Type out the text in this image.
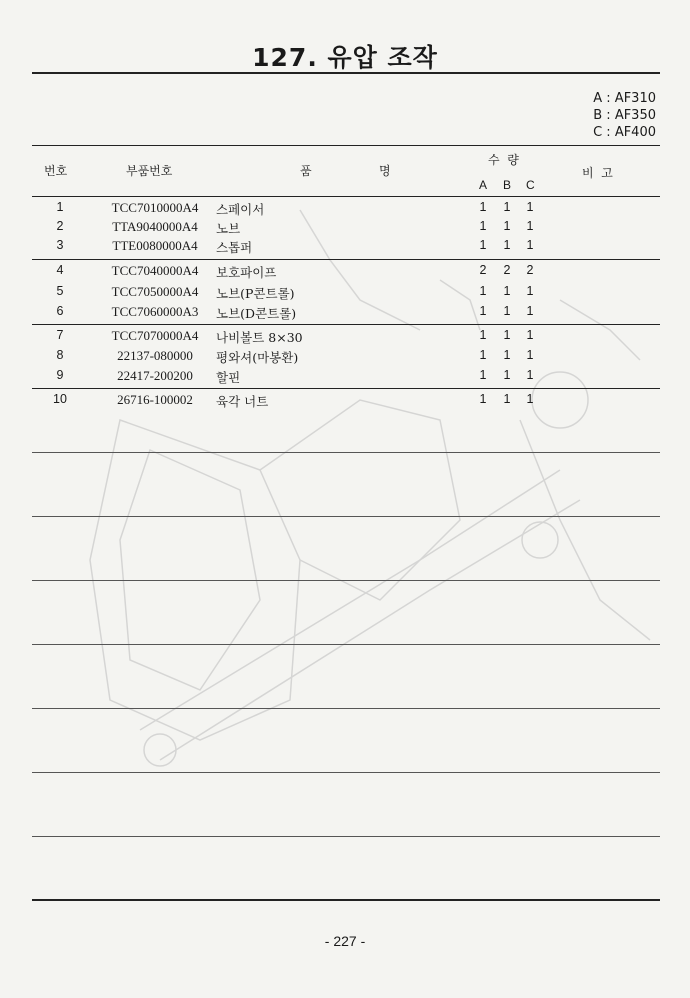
127. 유압 조작
A : AF310
B : AF350
C : AF400
번호	부품번호	품	명
수  량
A B C
비  고
1	TCC7010000A4	스페이서	1 1 1
2	TTA9040000A4	노브	1 1 1
3	TTE0080000A4	스톱퍼	1 1 1
4	TCC7040000A4	보호파이프	2 2 2
5	TCC7050000A4	노브(P콘트롤)	1 1 1
6	TCC7060000A3	노브(D콘트롤)	1 1 1
7	TCC7070000A4	나비볼트 8×30	1 1 1
8	22137-080000	평와셔(마봉환)	1 1 1
9	22417-200200	할핀	1 1 1
10	26716-100002	육각 너트	1 1 1
- 227 -
